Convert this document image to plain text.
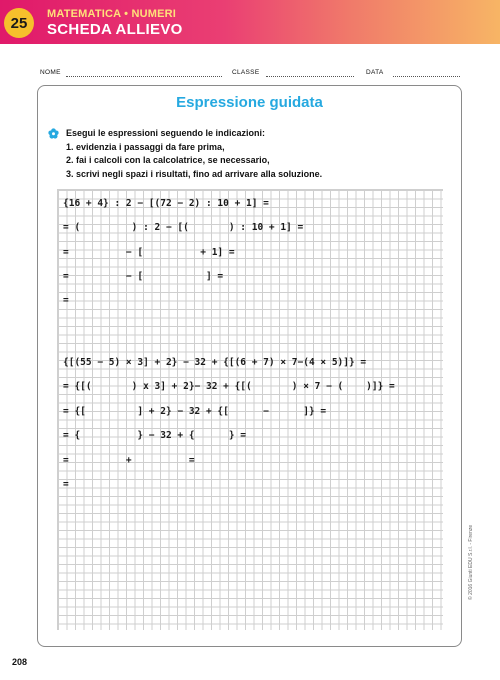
25
MATEMATICA • NUMERI
SCHEDA ALLIEVO
NOME	CLASSE	DATA
Espressione guidata
Esegui le espressioni seguendo le indicazioni:
1. evidenzia i passaggi da fare prima,
2. fai i calcoli con la calcolatrice, se necessario,
3. scrivi negli spazi i risultati, fino ad arrivare alla soluzione.
{16 + 4} : 2 − [(72 − 2) : 10 + 1] =
= (         ) : 2 − [(       ) : 10 + 1] =
=          − [          + 1] =
=          − [           ] =
=
{[(55 − 5) × 3] + 2} − 32 + {[(6 + 7) × 7−(4 × 5)]} =
= {[(       ) x 3] + 2}− 32 + {[(       ) × 7 − (    )]} =
= {[         ] + 2} − 32 + {[      −      ]} =
= {          } − 32 + {      } =
=          +          =
=
© 2016 Giunti EDU S.r.l. - Firenze
208
